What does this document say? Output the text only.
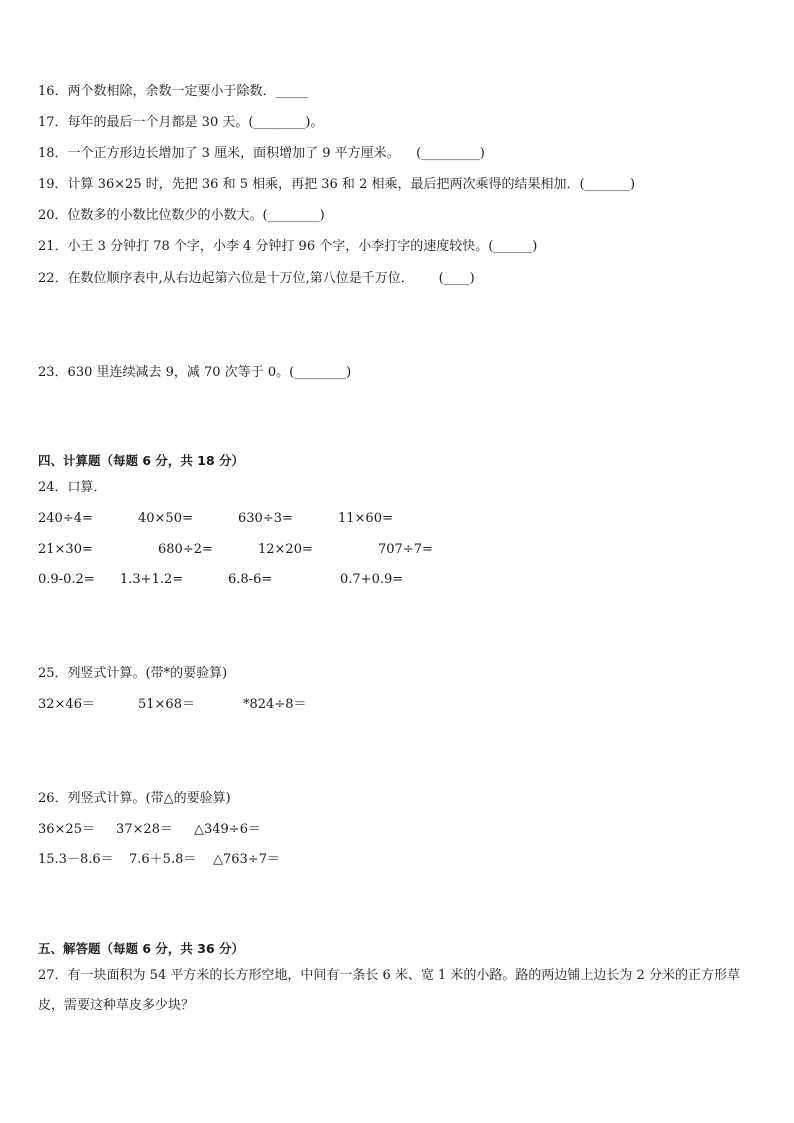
16．两个数相除，余数一定要小于除数．_____
17．每年的最后一个月都是 30 天。(________)。
18．一个正方形边长增加了 3 厘米，面积增加了 9 平方厘米。    (_________)
19．计算 36×25 时，先把 36 和 5 相乘，再把 36 和 2 相乘，最后把两次乘得的结果相加．(_______)
20．位数多的小数比位数少的小数大。(________)
21．小王 3 分钟打 78 个字，小李 4 分钟打 96 个字，小李打字的速度较快。(______)
22．在数位顺序表中,从右边起第六位是十万位,第八位是千万位．      (____)
23．630 里连续减去 9，减 70 次等于 0。(________)
四、计算题（每题 6 分，共 18 分）
24．口算．
240÷4=	40×50=	630÷3=	11×60=
21×30=	680÷2=	12×20=	707÷7=
0.9-0.2= 1.3+1.2=	6.8-6=	0.7+0.9=
25．列竖式计算。(带*的要验算)
32×46＝	51×68＝	*824÷8＝
26．列竖式计算。(带△的要验算)
36×25＝ 37×28＝ △349÷6＝
15.3－8.6＝ 7.6＋5.8＝ △763÷7＝
五、解答题（每题 6 分，共 36 分）
27．有一块面积为 54 平方米的长方形空地，中间有一条长 6 米、宽 1 米的小路。路的两边铺上边长为 2 分米的正方形草皮，需要这种草皮多少块？
